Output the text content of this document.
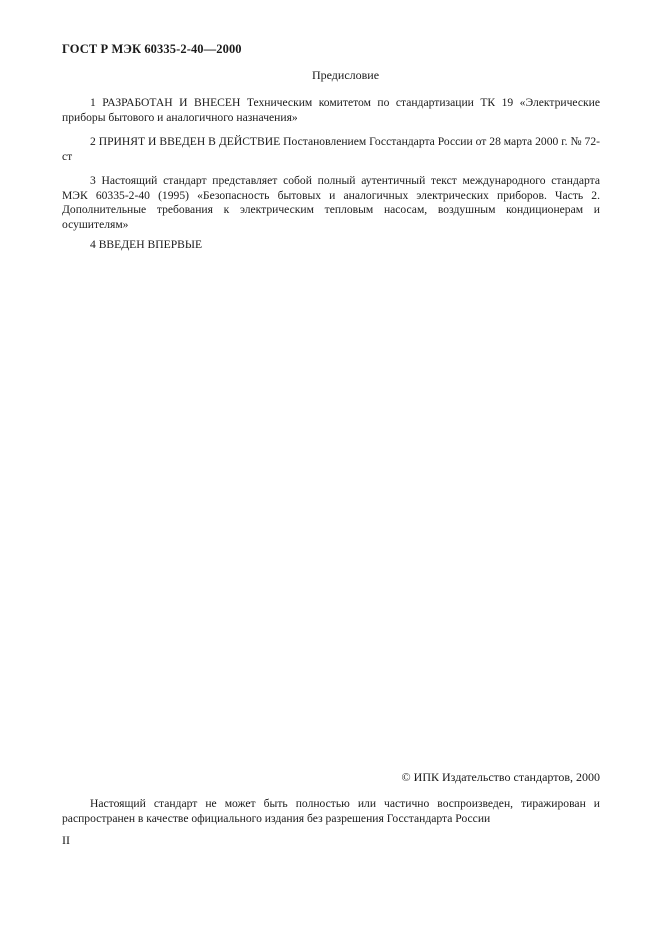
ГОСТ Р МЭК 60335-2-40—2000
Предисловие
1 РАЗРАБОТАН И ВНЕСЕН Техническим комитетом по стандартизации ТК 19 «Электрические приборы бытового и аналогичного назначения»
2 ПРИНЯТ И ВВЕДЕН В ДЕЙСТВИЕ Постановлением Госстандарта России от 28 марта 2000 г. № 72-ст
3 Настоящий стандарт представляет собой полный аутентичный текст международного стандарта МЭК 60335-2-40 (1995) «Безопасность бытовых и аналогичных электрических приборов. Часть 2. Дополнительные требования к электрическим тепловым насосам, воздушным кондиционерам и осушителям»
4 ВВЕДЕН ВПЕРВЫЕ
© ИПК Издательство стандартов, 2000
Настоящий стандарт не может быть полностью или частично воспроизведен, тиражирован и распространен в качестве официального издания без разрешения Госстандарта России
II
